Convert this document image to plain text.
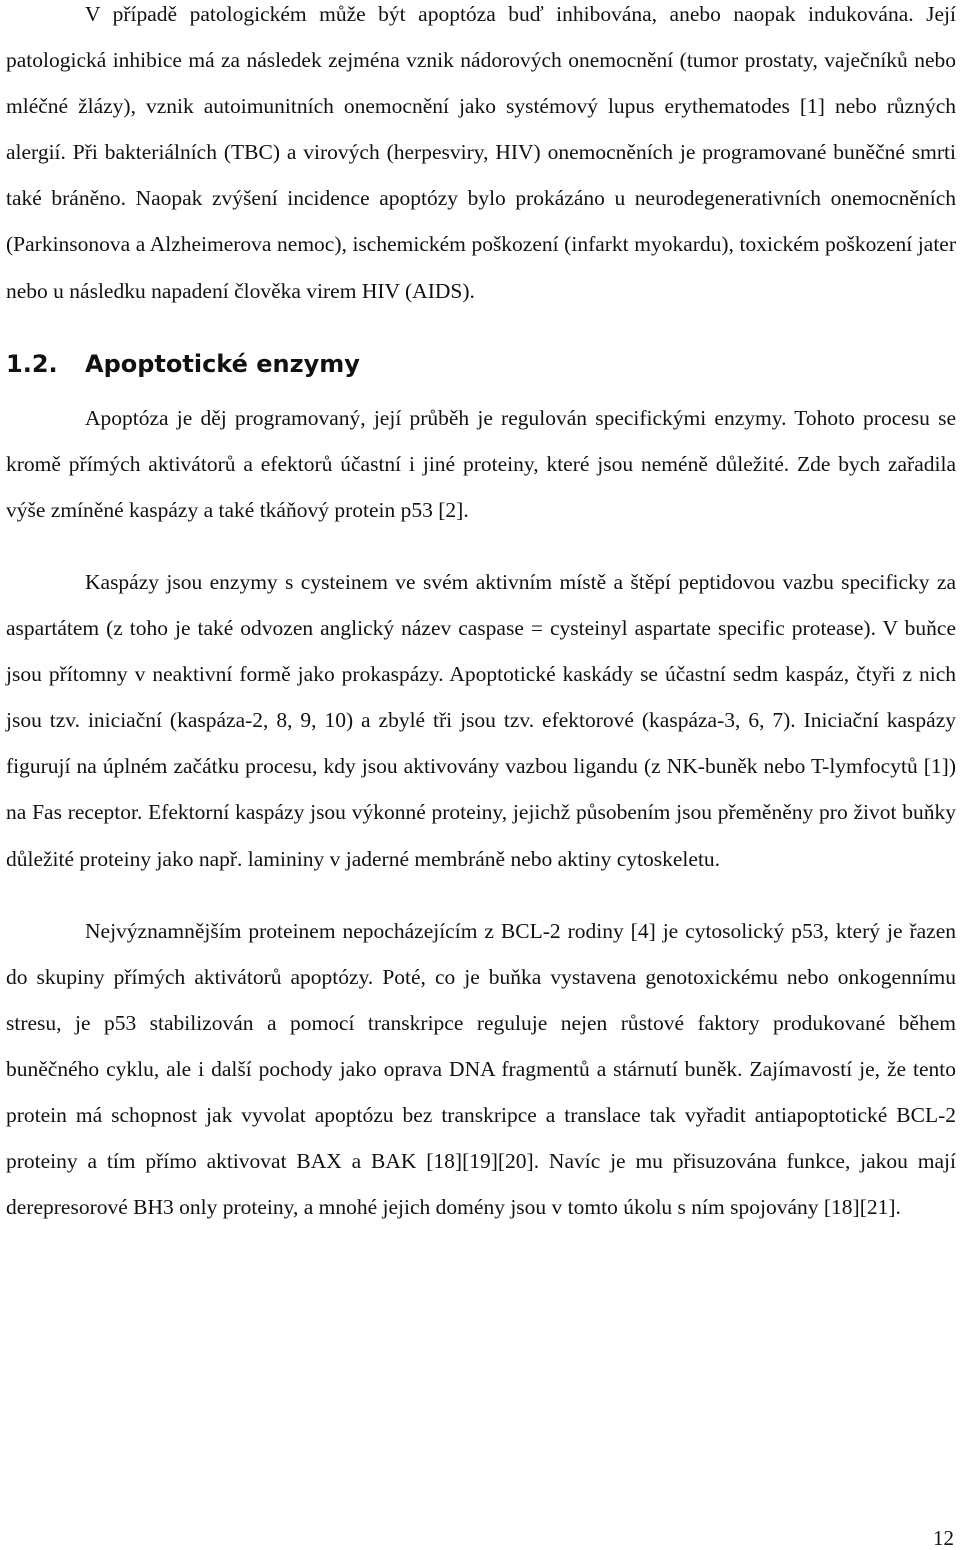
V případě patologickém může být apoptóza buď inhibována, anebo naopak indukována. Její patologická inhibice má za následek zejména vznik nádorových onemocnění (tumor prostaty, vaječníků nebo mléčné žlázy), vznik autoimunitních onemocnění jako systémový lupus erythematodes [1] nebo různých alergií. Při bakteriálních (TBC) a virových (herpesviry, HIV) onemocněních je programované buněčné smrti také bráněno. Naopak zvýšení incidence apoptózy bylo prokázáno u neurodegenerativních onemocněních (Parkinsonova a Alzheimerova nemoc), ischemickém poškození (infarkt myokardu), toxickém poškození jater nebo u následku napadení člověka virem HIV (AIDS).

1.2.	Apoptotické enzymy

Apoptóza je děj programovaný, její průběh je regulován specifickými enzymy. Tohoto procesu se kromě přímých aktivátorů a efektorů účastní i jiné proteiny, které jsou neméně důležité. Zde bych zařadila výše zmíněné kaspázy a také tkáňový protein p53 [2].

Kaspázy jsou enzymy s cysteinem ve svém aktivním místě a štěpí peptidovou vazbu specificky za aspartátem (z toho je také odvozen anglický název caspase = cysteinyl aspartate specific protease). V buňce jsou přítomny v neaktivní formě jako prokaspázy. Apoptotické kaskády se účastní sedm kaspáz, čtyři z nich jsou tzv. iniciační (kaspáza-2, 8, 9, 10) a zbylé tři jsou tzv. efektorové (kaspáza-3, 6, 7). Iniciační kaspázy figurují na úplném začátku procesu, kdy jsou aktivovány vazbou ligandu (z NK-buněk nebo T-lymfocytů [1]) na Fas receptor. Efektorní kaspázy jsou výkonné proteiny, jejichž působením jsou přeměněny pro život buňky důležité proteiny jako např. lamininy v jaderné membráně nebo aktiny cytoskeletu.

Nejvýznamnějším proteinem nepocházejícím z BCL-2 rodiny [4] je cytosolický p53, který je řazen do skupiny přímých aktivátorů apoptózy. Poté, co je buňka vystavena genotoxickému nebo onkogennímu stresu, je p53 stabilizován a pomocí transkripce reguluje nejen růstové faktory produkované během buněčného cyklu, ale i další pochody jako oprava DNA fragmentů a stárnutí buněk. Zajímavostí je, že tento protein má schopnost jak vyvolat apoptózu bez transkripce a translace tak vyřadit antiapoptotické BCL-2 proteiny a tím přímo aktivovat BAX a BAK [18][19][20]. Navíc je mu přisuzována funkce, jakou mají derepresorové BH3 only proteiny, a mnohé jejich domény jsou v tomto úkolu s ním spojovány [18][21].

12
